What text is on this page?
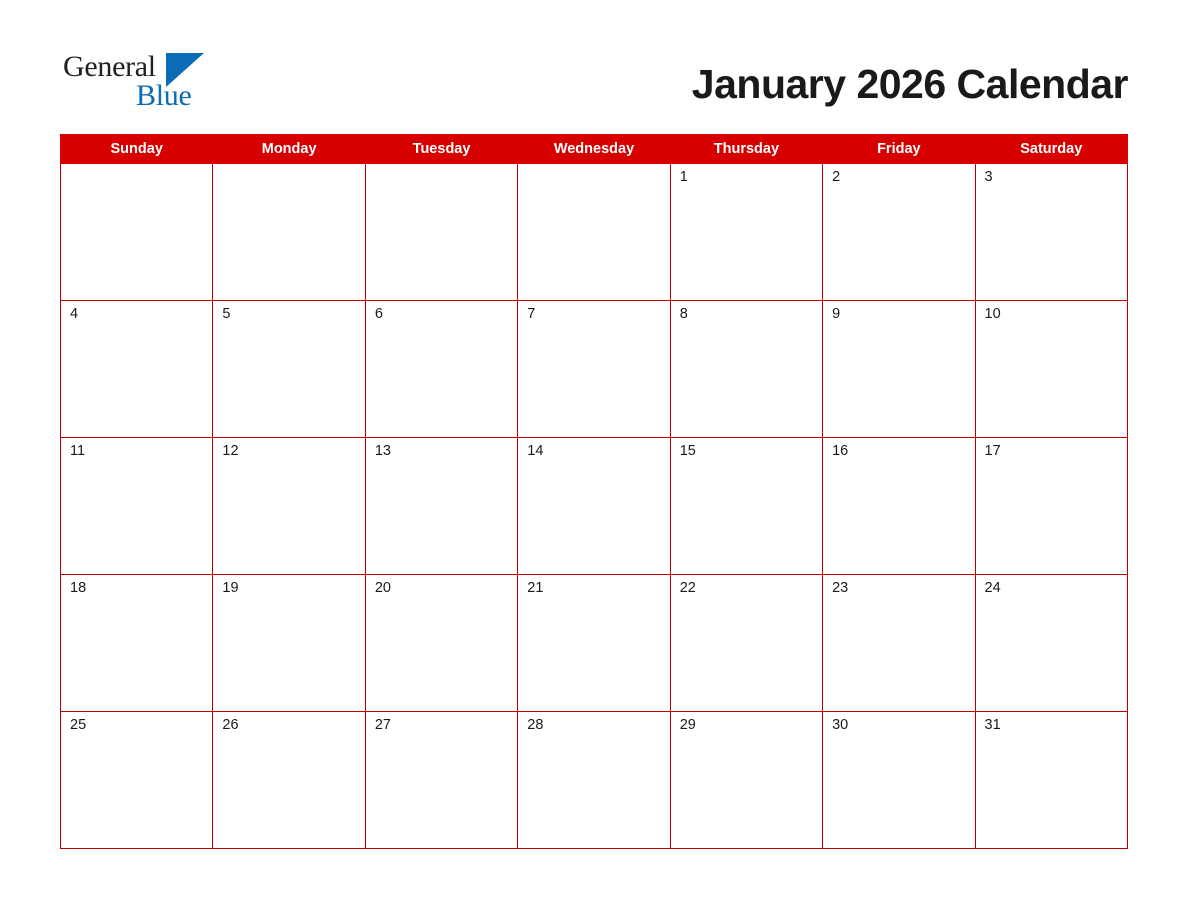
General
Blue	January 2026 Calendar
Sunday	Monday	Tuesday	Wednesday	Thursday	Friday	Saturday

				1	2	3

4	5	6	7	8	9	10

11	12	13	14	15	16	17

18	19	20	21	22	23	24

25	26	27	28	29	30	31
